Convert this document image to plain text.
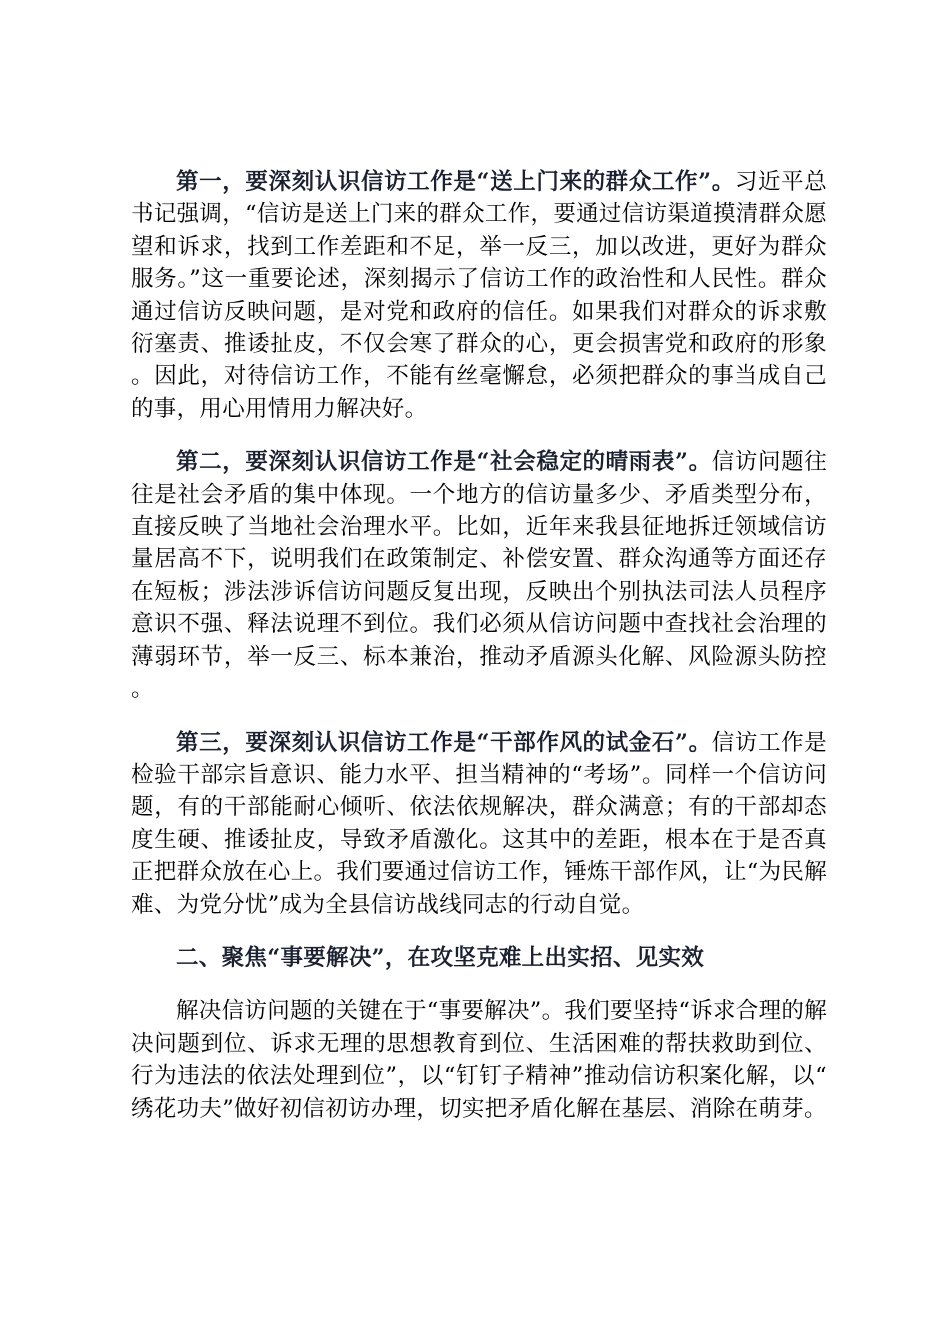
第一，要深刻认识信访工作是“送上门来的群众工作”。习近平总书记强调，“信访是送上门来的群众工作，要通过信访渠道摸清群众愿望和诉求，找到工作差距和不足，举一反三，加以改进，更好为群众服务。”这一重要论述，深刻揭示了信访工作的政治性和人民性。群众通过信访反映问题，是对党和政府的信任。如果我们对群众的诉求敷衍塞责、推诿扯皮，不仅会寒了群众的心，更会损害党和政府的形象。因此，对待信访工作，不能有丝毫懈怠，必须把群众的事当成自己的事，用心用情用力解决好。

第二，要深刻认识信访工作是“社会稳定的晴雨表”。信访问题往往是社会矛盾的集中体现。一个地方的信访量多少、矛盾类型分布，直接反映了当地社会治理水平。比如，近年来我县征地拆迁领域信访量居高不下，说明我们在政策制定、补偿安置、群众沟通等方面还存在短板；涉法涉诉信访问题反复出现，反映出个别执法司法人员程序意识不强、释法说理不到位。我们必须从信访问题中查找社会治理的薄弱环节，举一反三、标本兼治，推动矛盾源头化解、风险源头防控。

第三，要深刻认识信访工作是“干部作风的试金石”。信访工作是检验干部宗旨意识、能力水平、担当精神的“考场”。同样一个信访问题，有的干部能耐心倾听、依法依规解决，群众满意；有的干部却态度生硬、推诿扯皮，导致矛盾激化。这其中的差距，根本在于是否真正把群众放在心上。我们要通过信访工作，锤炼干部作风，让“为民解难、为党分忧”成为全县信访战线同志的行动自觉。

二、聚焦“事要解决”，在攻坚克难上出实招、见实效

解决信访问题的关键在于“事要解决”。我们要坚持“诉求合理的解决问题到位、诉求无理的思想教育到位、生活困难的帮扶救助到位、行为违法的依法处理到位”，以“钉钉子精神”推动信访积案化解，以“绣花功夫”做好初信初访办理，切实把矛盾化解在基层、消除在萌芽。
